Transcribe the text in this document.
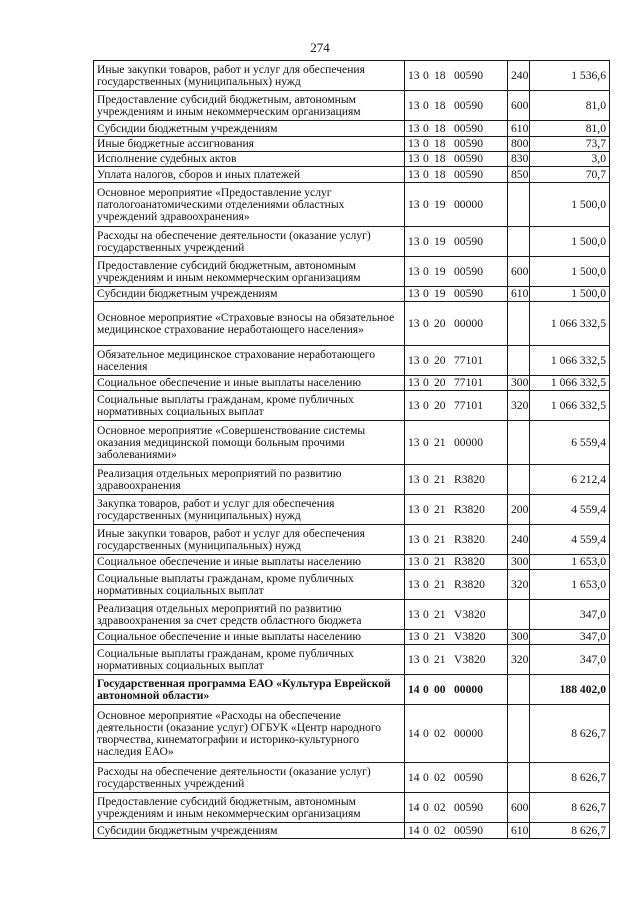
274
Иные закупки товаров, работ и услуг для обеспечения государственных (муниципальных) нужд	13 0 18 00590	240	1 536,6
Предоставление субсидий бюджетным, автономным учреждениям и иным некоммерческим организациям	13 0 18 00590	600	81,0
Субсидии бюджетным учреждениям	13 0 18 00590	610	81,0
Иные бюджетные ассигнования	13 0 18 00590	800	73,7
Исполнение судебных актов	13 0 18 00590	830	3,0
Уплата налогов, сборов и иных платежей	13 0 18 00590	850	70,7
Основное мероприятие «Предоставление услуг патологоанатомическими отделениями областных учреждений здравоохранения»	13 0 19 00000		1 500,0
Расходы на обеспечение деятельности (оказание услуг) государственных учреждений	13 0 19 00590		1 500,0
Предоставление субсидий бюджетным, автономным учреждениям и иным некоммерческим организациям	13 0 19 00590	600	1 500,0
Субсидии бюджетным учреждениям	13 0 19 00590	610	1 500,0
Основное мероприятие «Страховые взносы на обязательное медицинское страхование неработающего населения»	13 0 20 00000		1 066 332,5
Обязательное медицинское страхование неработающего населения	13 0 20 77101		1 066 332,5
Социальное обеспечение и иные выплаты населению	13 0 20 77101	300	1 066 332,5
Социальные выплаты гражданам, кроме публичных нормативных социальных выплат	13 0 20 77101	320	1 066 332,5
Основное мероприятие «Совершенствование системы оказания медицинской помощи больным прочими заболеваниями»	13 0 21 00000		6 559,4
Реализация отдельных мероприятий по развитию здравоохранения	13 0 21 R3820		6 212,4
Закупка товаров, работ и услуг для обеспечения государственных (муниципальных) нужд	13 0 21 R3820	200	4 559,4
Иные закупки товаров, работ и услуг для обеспечения государственных (муниципальных) нужд	13 0 21 R3820	240	4 559,4
Социальное обеспечение и иные выплаты населению	13 0 21 R3820	300	1 653,0
Социальные выплаты гражданам, кроме публичных нормативных социальных выплат	13 0 21 R3820	320	1 653,0
Реализация отдельных мероприятий по развитию здравоохранения за счет средств областного бюджета	13 0 21 V3820		347,0
Социальное обеспечение и иные выплаты населению	13 0 21 V3820	300	347,0
Социальные выплаты гражданам, кроме публичных нормативных социальных выплат	13 0 21 V3820	320	347,0
Государственная программа ЕАО «Культура Еврейской автономной области»	14 0 00 00000		188 402,0
Основное мероприятие «Расходы на обеспечение деятельности (оказание услуг) ОГБУК «Центр народного творчества, кинематографии и историко-культурного наследия ЕАО»	14 0 02 00000		8 626,7
Расходы на обеспечение деятельности (оказание услуг) государственных учреждений	14 0 02 00590		8 626,7
Предоставление субсидий бюджетным, автономным учреждениям и иным некоммерческим организациям	14 0 02 00590	600	8 626,7
Субсидии бюджетным учреждениям	14 0 02 00590	610	8 626,7
